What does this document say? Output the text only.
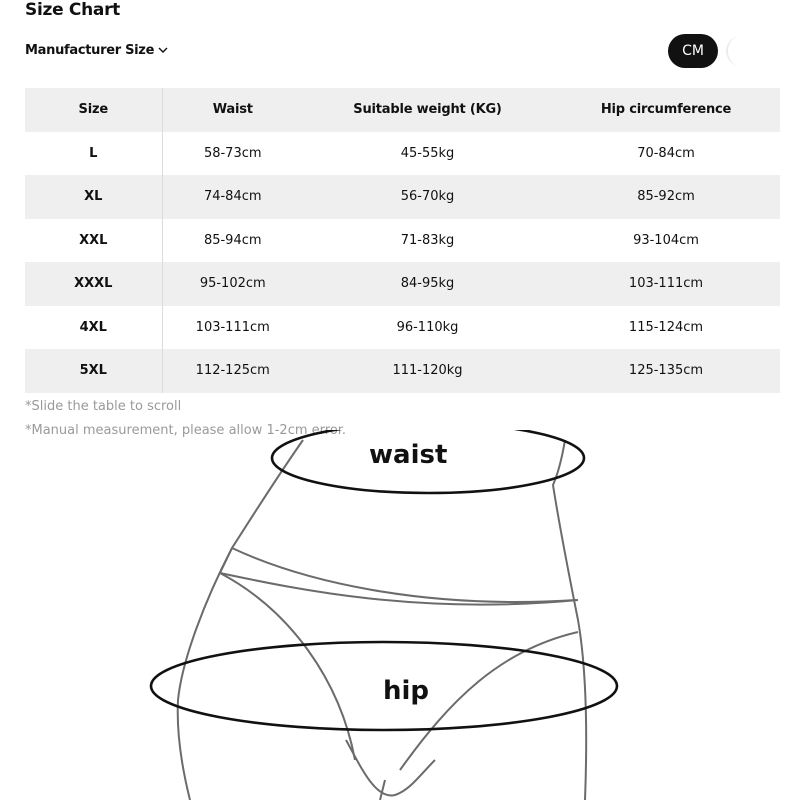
Size Chart
Manufacturer Size	CM
Size	Waist	Suitable weight (KG)	Hip circumference
L	58-73cm	45-55kg	70-84cm
XL	74-84cm	56-70kg	85-92cm
XXL	85-94cm	71-83kg	93-104cm
XXXL	95-102cm	84-95kg	103-111cm
4XL	103-111cm	96-110kg	115-124cm
5XL	112-125cm	111-120kg	125-135cm
*Slide the table to scroll
*Manual measurement, please allow 1-2cm error.
waist
hip
